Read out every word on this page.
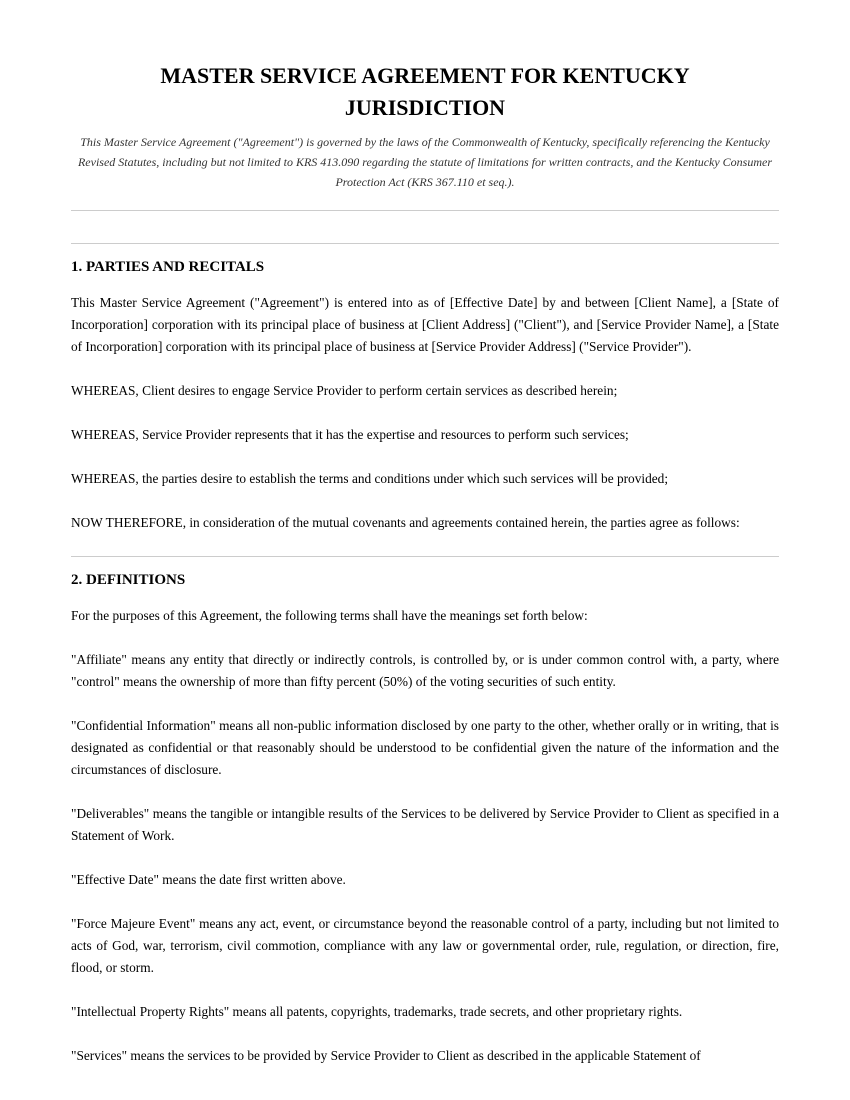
MASTER SERVICE AGREEMENT FOR KENTUCKY JURISDICTION

This Master Service Agreement ("Agreement") is governed by the laws of the Commonwealth of Kentucky, specifically referencing the Kentucky Revised Statutes, including but not limited to KRS 413.090 regarding the statute of limitations for written contracts, and the Kentucky Consumer Protection Act (KRS 367.110 et seq.).

1. PARTIES AND RECITALS

This Master Service Agreement ("Agreement") is entered into as of [Effective Date] by and between [Client Name], a [State of Incorporation] corporation with its principal place of business at [Client Address] ("Client"), and [Service Provider Name], a [State of Incorporation] corporation with its principal place of business at [Service Provider Address] ("Service Provider").

WHEREAS, Client desires to engage Service Provider to perform certain services as described herein;

WHEREAS, Service Provider represents that it has the expertise and resources to perform such services;

WHEREAS, the parties desire to establish the terms and conditions under which such services will be provided;

NOW THEREFORE, in consideration of the mutual covenants and agreements contained herein, the parties agree as follows:

2. DEFINITIONS

For the purposes of this Agreement, the following terms shall have the meanings set forth below:

"Affiliate" means any entity that directly or indirectly controls, is controlled by, or is under common control with, a party, where "control" means the ownership of more than fifty percent (50%) of the voting securities of such entity.

"Confidential Information" means all non-public information disclosed by one party to the other, whether orally or in writing, that is designated as confidential or that reasonably should be understood to be confidential given the nature of the information and the circumstances of disclosure.

"Deliverables" means the tangible or intangible results of the Services to be delivered by Service Provider to Client as specified in a Statement of Work.

"Effective Date" means the date first written above.

"Force Majeure Event" means any act, event, or circumstance beyond the reasonable control of a party, including but not limited to acts of God, war, terrorism, civil commotion, compliance with any law or governmental order, rule, regulation, or direction, fire, flood, or storm.

"Intellectual Property Rights" means all patents, copyrights, trademarks, trade secrets, and other proprietary rights.

"Services" means the services to be provided by Service Provider to Client as described in the applicable Statement of
